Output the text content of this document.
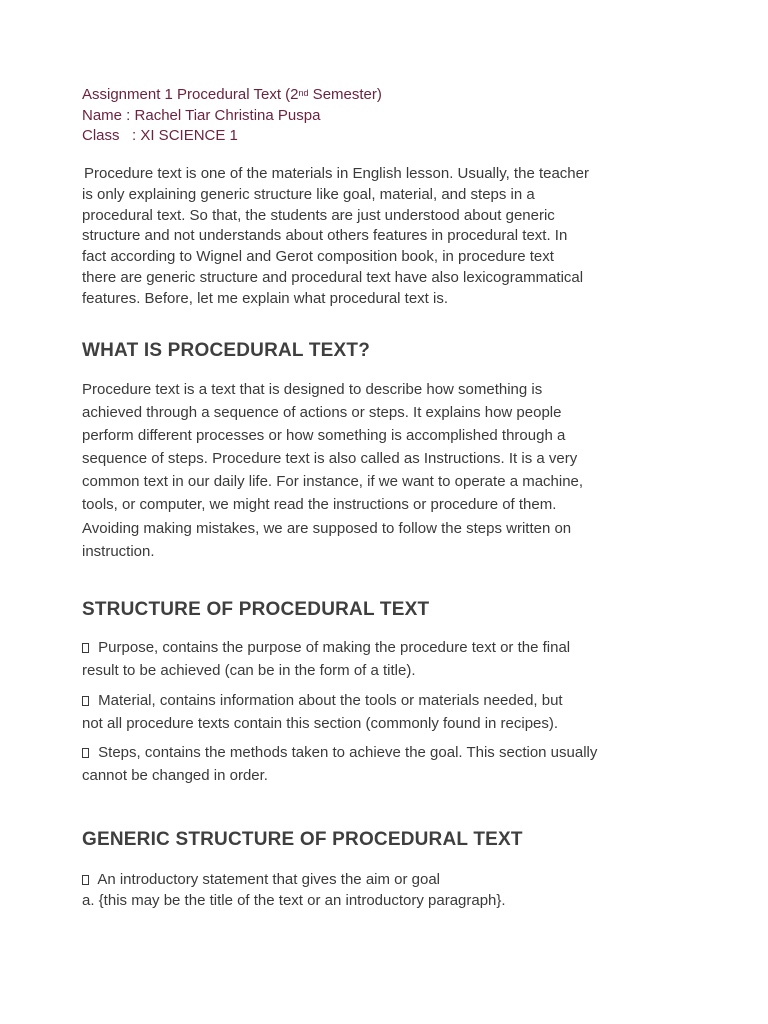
Assignment 1 Procedural Text (2nd Semester)
Name : Rachel Tiar Christina Puspa
Class   : XI SCIENCE 1
Procedure text is one of the materials in English lesson. Usually, the teacher
is only explaining generic structure like goal, material, and steps in a
procedural text. So that, the students are just understood about generic
structure and not understands about others features in procedural text. In
fact according to Wignel and Gerot composition book, in procedure text
there are generic structure and procedural text have also lexicogrammatical
features. Before, let me explain what procedural text is.
WHAT IS PROCEDURAL TEXT?
Procedure text is a text that is designed to describe how something is
achieved through a sequence of actions or steps. It explains how people
perform different processes or how something is accomplished through a
sequence of steps. Procedure text is also called as Instructions. It is a very
common text in our daily life. For instance, if we want to operate a machine,
tools, or computer, we might read the instructions or procedure of them.
Avoiding making mistakes, we are supposed to follow the steps written on
instruction.
STRUCTURE OF PROCEDURAL TEXT
Purpose, contains the purpose of making the procedure text or the final
result to be achieved (can be in the form of a title).
Material, contains information about the tools or materials needed, but
not all procedure texts contain this section (commonly found in recipes).
Steps, contains the methods taken to achieve the goal. This section usually
cannot be changed in order.
GENERIC STRUCTURE OF PROCEDURAL TEXT
An introductory statement that gives the aim or goal
a. {this may be the title of the text or an introductory paragraph}.
